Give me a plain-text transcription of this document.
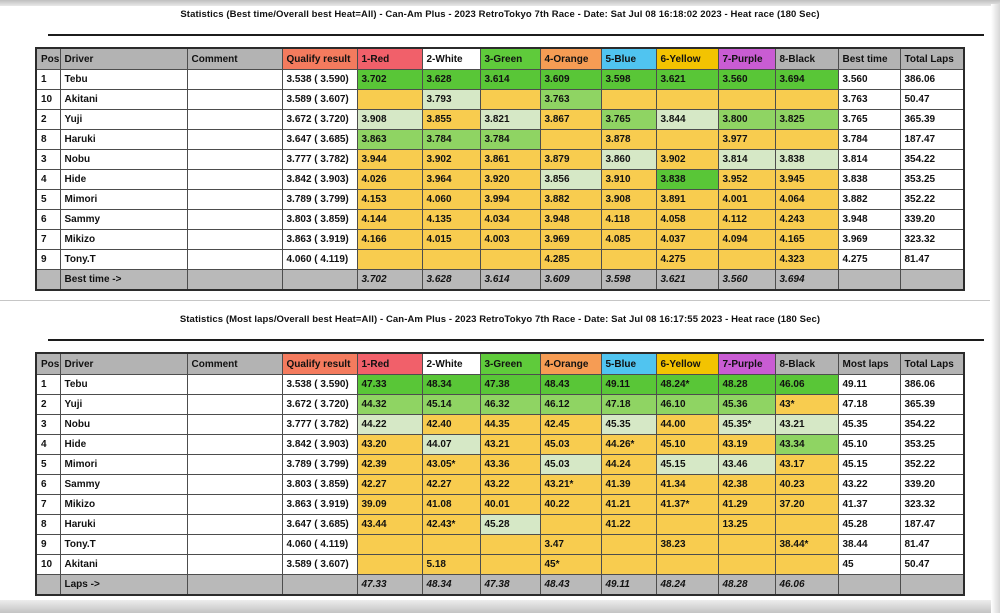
Statistics (Best time/Overall best Heat=All) - Can-Am Plus - 2023 RetroTokyo 7th Race - Date: Sat Jul 08 16:18:02 2023 - Heat race (180 Sec)
Pos	Driver	Comment	Qualify result	1-Red	2-White	3-Green	4-Orange	5-Blue	6-Yellow	7-Purple	8-Black	Best time	Total Laps
1	Tebu		3.538 ( 3.590)	3.702	3.628	3.614	3.609	3.598	3.621	3.560	3.694	3.560	386.06
10	Akitani		3.589 ( 3.607)		3.793		3.763					3.763	50.47
2	Yuji		3.672 ( 3.720)	3.908	3.855	3.821	3.867	3.765	3.844	3.800	3.825	3.765	365.39
8	Haruki		3.647 ( 3.685)	3.863	3.784	3.784		3.878		3.977		3.784	187.47
3	Nobu		3.777 ( 3.782)	3.944	3.902	3.861	3.879	3.860	3.902	3.814	3.838	3.814	354.22
4	Hide		3.842 ( 3.903)	4.026	3.964	3.920	3.856	3.910	3.838	3.952	3.945	3.838	353.25
5	Mimori		3.789 ( 3.799)	4.153	4.060	3.994	3.882	3.908	3.891	4.001	4.064	3.882	352.22
6	Sammy		3.803 ( 3.859)	4.144	4.135	4.034	3.948	4.118	4.058	4.112	4.243	3.948	339.20
7	Mikizo		3.863 ( 3.919)	4.166	4.015	4.003	3.969	4.085	4.037	4.094	4.165	3.969	323.32
9	Tony.T		4.060 ( 4.119)				4.285		4.275		4.323	4.275	81.47
	Best time ->			3.702	3.628	3.614	3.609	3.598	3.621	3.560	3.694		
Statistics (Most laps/Overall best Heat=All) - Can-Am Plus - 2023 RetroTokyo 7th Race - Date: Sat Jul 08 16:17:55 2023 - Heat race (180 Sec)
Pos	Driver	Comment	Qualify result	1-Red	2-White	3-Green	4-Orange	5-Blue	6-Yellow	7-Purple	8-Black	Most laps	Total Laps
1	Tebu		3.538 ( 3.590)	47.33	48.34	47.38	48.43	49.11	48.24*	48.28	46.06	49.11	386.06
2	Yuji		3.672 ( 3.720)	44.32	45.14	46.32	46.12	47.18	46.10	45.36	43*	47.18	365.39
3	Nobu		3.777 ( 3.782)	44.22	42.40	44.35	42.45	45.35	44.00	45.35*	43.21	45.35	354.22
4	Hide		3.842 ( 3.903)	43.20	44.07	43.21	45.03	44.26*	45.10	43.19	43.34	45.10	353.25
5	Mimori		3.789 ( 3.799)	42.39	43.05*	43.36	45.03	44.24	45.15	43.46	43.17	45.15	352.22
6	Sammy		3.803 ( 3.859)	42.27	42.27	43.22	43.21*	41.39	41.34	42.38	40.23	43.22	339.20
7	Mikizo		3.863 ( 3.919)	39.09	41.08	40.01	40.22	41.21	41.37*	41.29	37.20	41.37	323.32
8	Haruki		3.647 ( 3.685)	43.44	42.43*	45.28		41.22		13.25		45.28	187.47
9	Tony.T		4.060 ( 4.119)				3.47		38.23		38.44*	38.44	81.47
10	Akitani		3.589 ( 3.607)		5.18		45*					45	50.47
	Laps ->			47.33	48.34	47.38	48.43	49.11	48.24	48.28	46.06		
